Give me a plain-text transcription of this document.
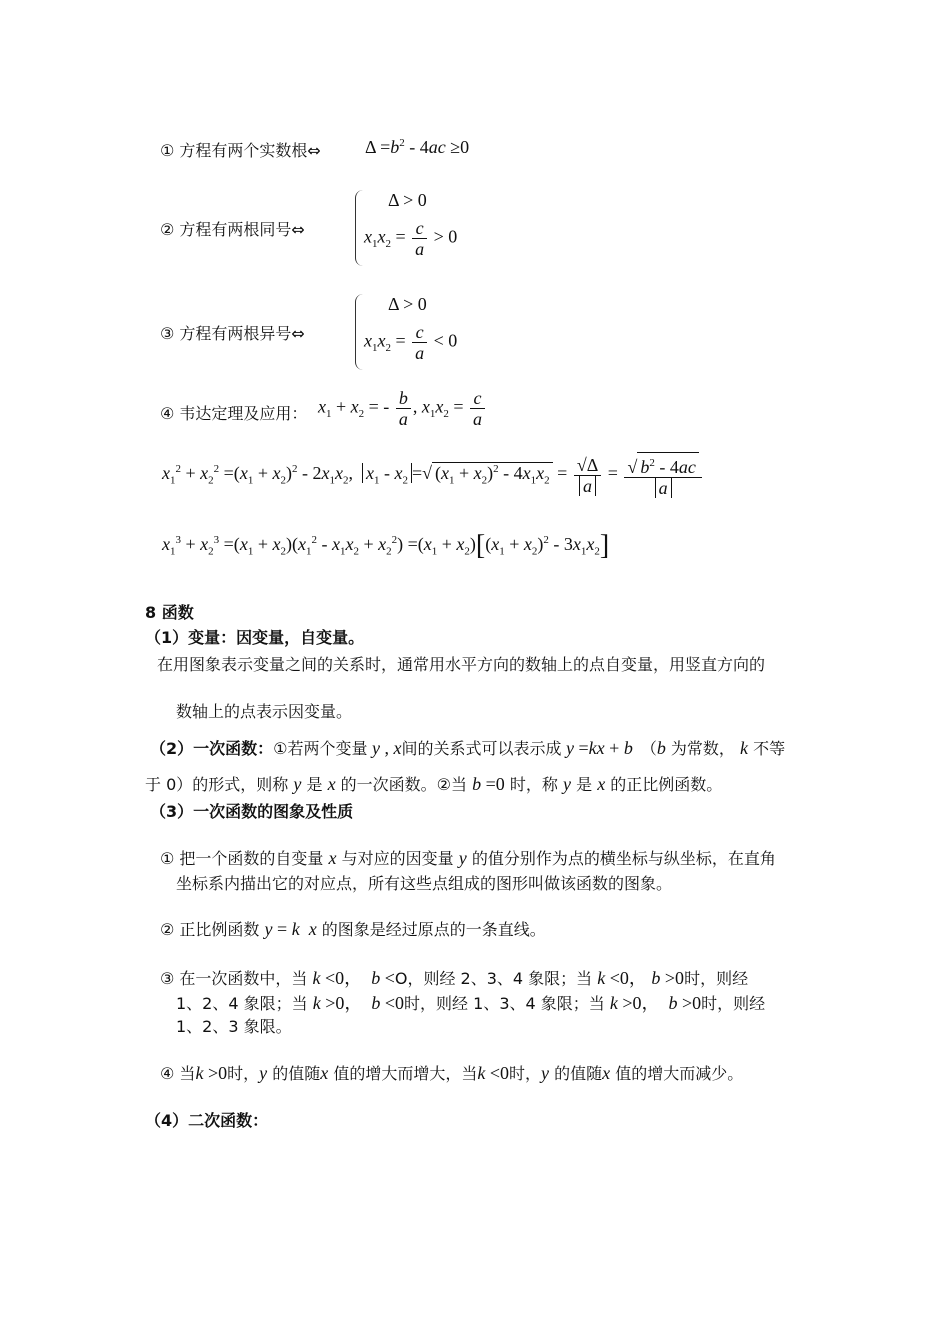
① 方程有两个实数根⇔ $\Delta =b^2 - 4ac \ge 0$
② 方程有两根同号⇔
Δ > 0
$x_1x_2 = \frac{c}{a} > 0$
③ 方程有两根异号⇔
Δ > 0
$x_1x_2 = \frac{c}{a} < 0$
④ 韦达定理及应用： $x_1 + x_2$ = - $\frac{b}{a}$ , $x_1x_2 = \frac{c}{a}$
$x_1^2 + x_2^2 =(x_1 + x_2)^2 - 2x_1x_2$,  $x_1 - x_2$ =√ $(x_1 + x_2)^2 - 4x_1x_2 = \frac{√\Delta}{a} = \frac{√ b^2 - 4ac}{a}$
$x_1^3 + x_2^3 =(x_1 + x_2)(x_1^2 - x_1x_2 + x_2^2) =(x_1 + x_2)[(x_1 + x_2)^2 - 3x_1x_2]$
8 函数
（1）变量：因变量，自变量。
在用图象表示变量之间的关系时，通常用水平方向的数轴上的点自变量，用竖直方向的
数轴上的点表示因变量。
（2）一次函数：①若两个变量 y , x间的关系式可以表示成 y =kx + b　（b 为常数， k 不等
于 0）的形式，则称 y 是 x 的一次函数。②当 b =0 时，称 y 是 x 的正比例函数。
（3）一次函数的图象及性质
① 把一个函数的自变量 x 与对应的因变量 y 的值分别作为点的横坐标与纵坐标，在直角
坐标系内描出它的对应点，所有这些点组成的图形叫做该函数的图象。
② 正比例函数 y = k x 的图象是经过原点的一条直线。
③ 在一次函数中，当 k <0，  b <O，则经 2、3、4 象限；当 k <0， b >0时，则经
1、2、4 象限；当 k >0，  b <0时，则经 1、3、4 象限；当 k >0，  b >0时，则经
1、2、3 象限。
④ 当k >0时，y 的值随x 值的增大而增大，当k <0时，y 的值随x 值的增大而减少。
（4）二次函数：
